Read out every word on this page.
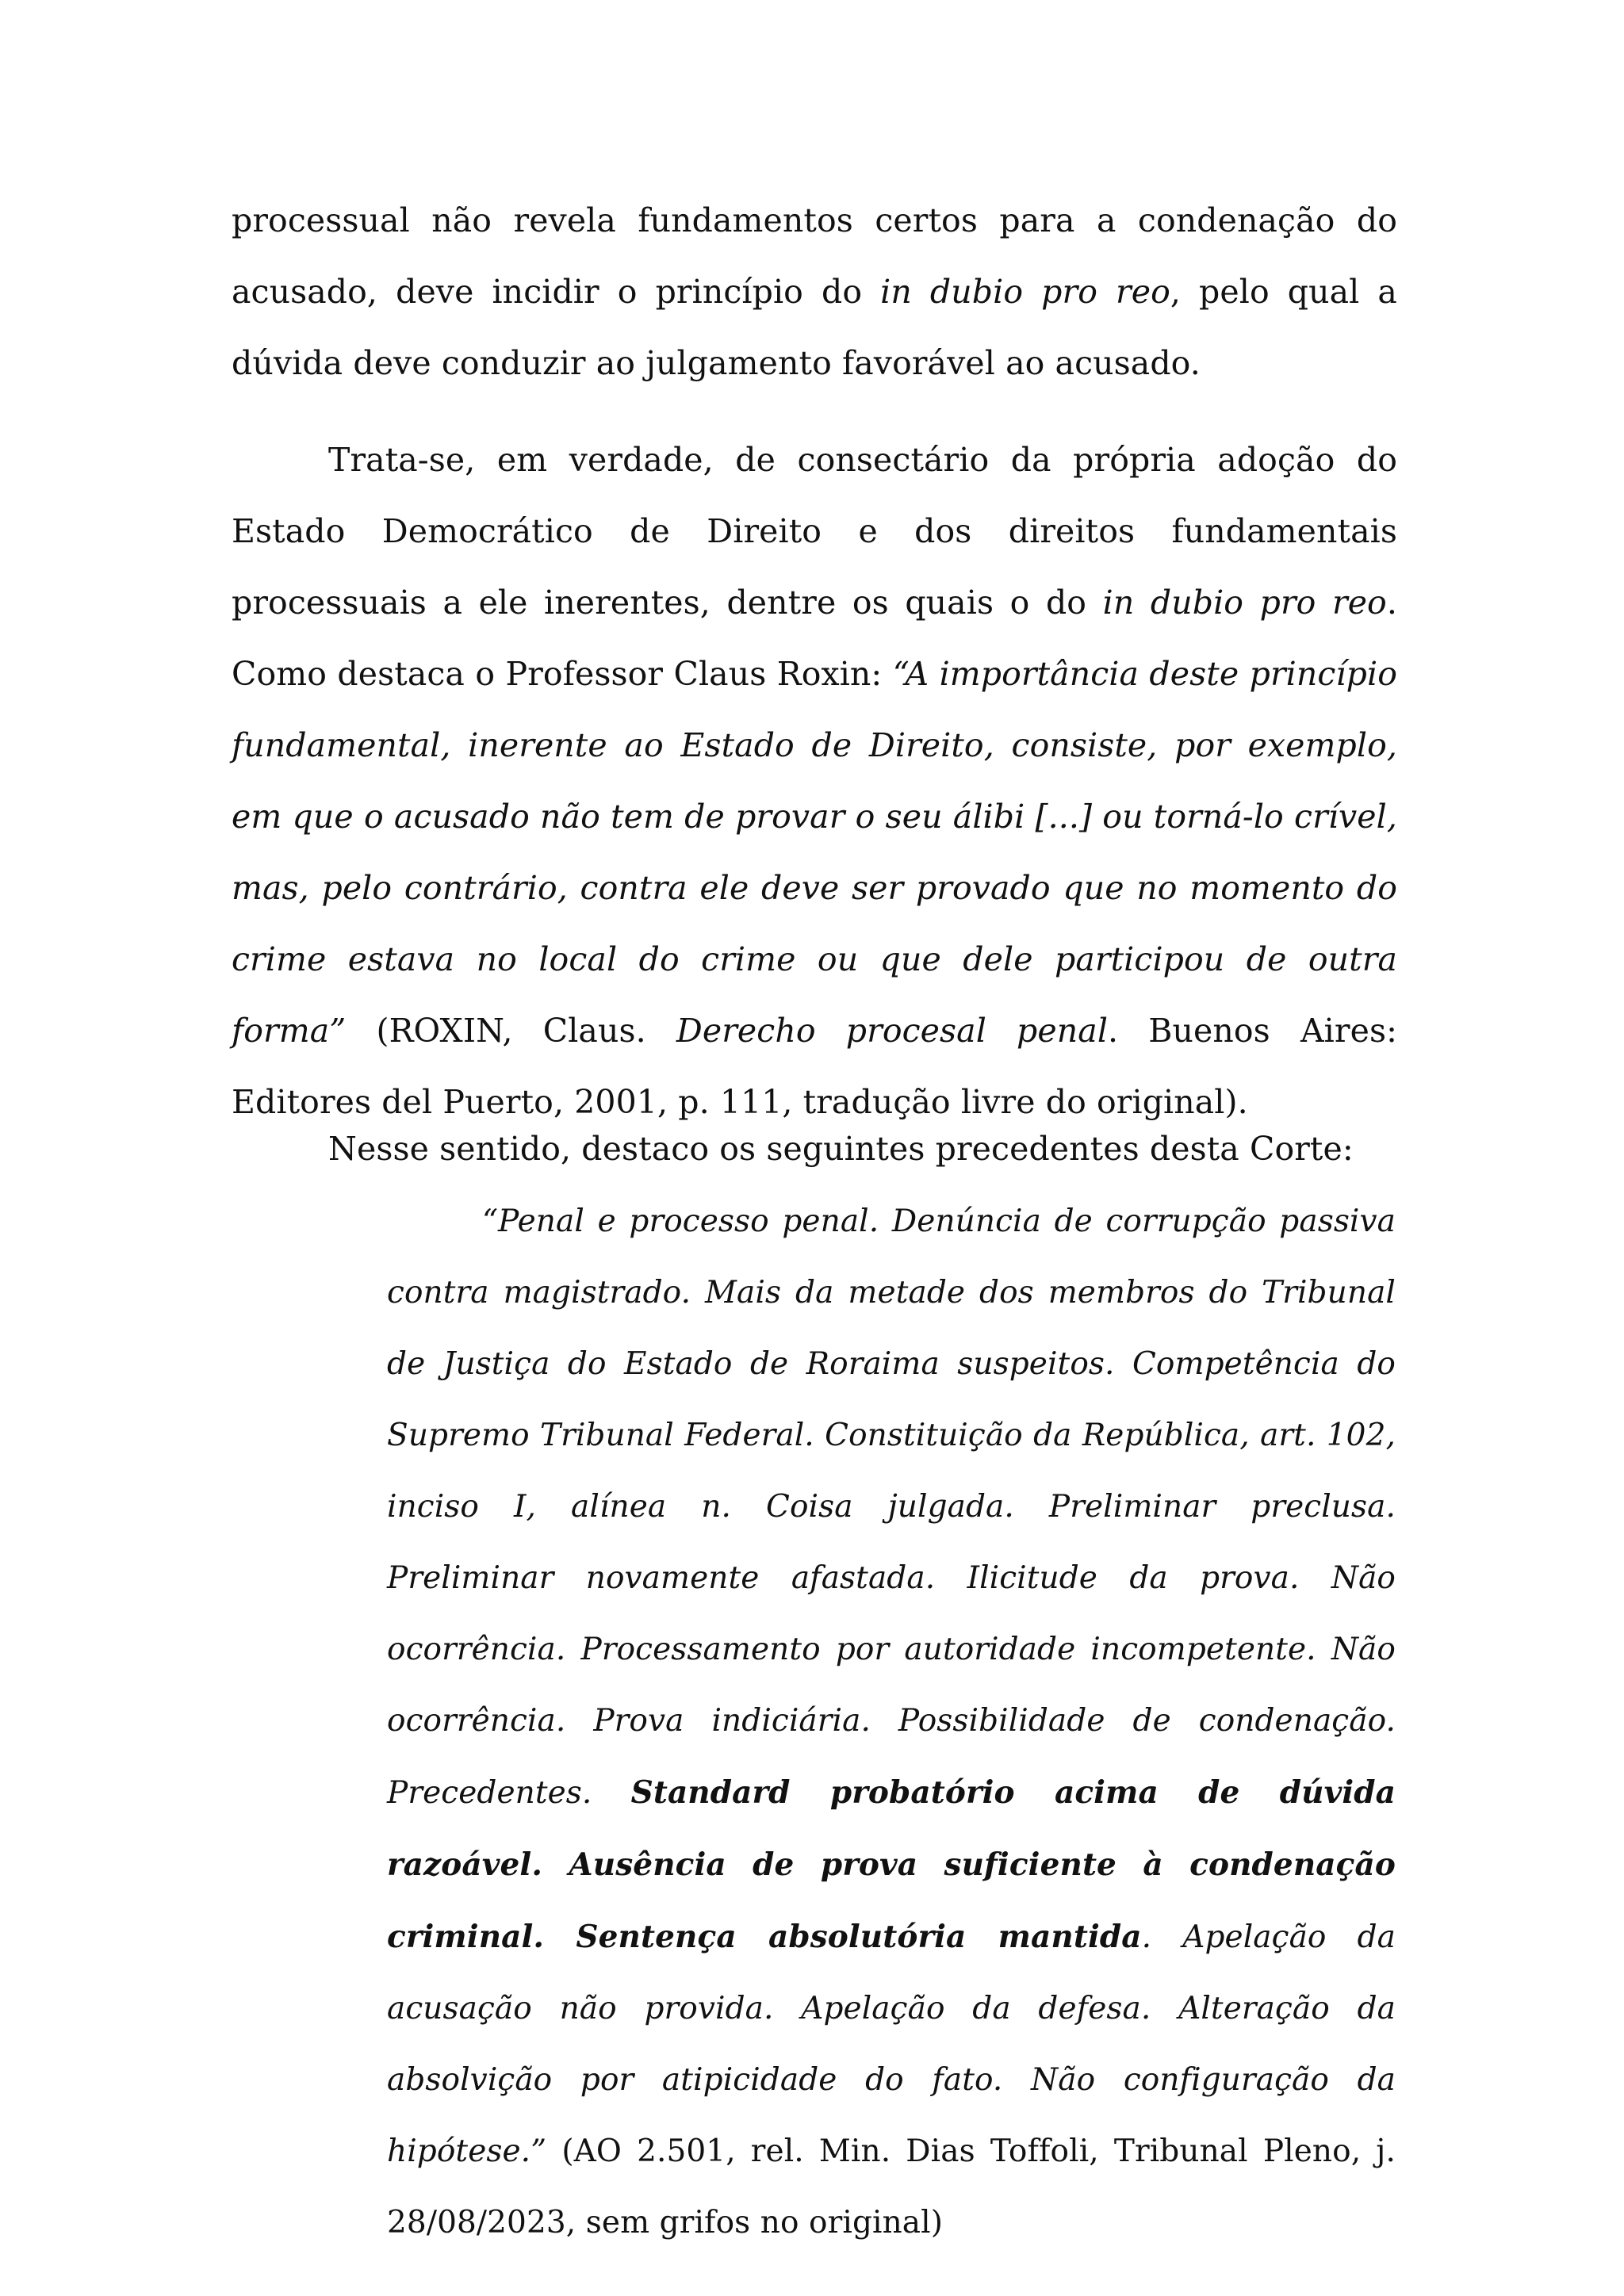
processual não revela fundamentos certos para a condenação do acusado, deve incidir o princípio do in dubio pro reo, pelo qual a dúvida deve conduzir ao julgamento favorável ao acusado.

Trata-se, em verdade, de consectário da própria adoção do Estado Democrático de Direito e dos direitos fundamentais processuais a ele inerentes, dentre os quais o do in dubio pro reo. Como destaca o Professor Claus Roxin: “A importância deste princípio fundamental, inerente ao Estado de Direito, consiste, por exemplo, em que o acusado não tem de provar o seu álibi [...] ou torná-lo crível, mas, pelo contrário, contra ele deve ser provado que no momento do crime estava no local do crime ou que dele participou de outra forma” (ROXIN, Claus. Derecho procesal penal. Buenos Aires: Editores del Puerto, 2001, p. 111, tradução livre do original).

Nesse sentido, destaco os seguintes precedentes desta Corte:

“Penal e processo penal. Denúncia de corrupção passiva contra magistrado. Mais da metade dos membros do Tribunal de Justiça do Estado de Roraima suspeitos. Competência do Supremo Tribunal Federal. Constituição da República, art. 102, inciso I, alínea n. Coisa julgada. Preliminar preclusa. Preliminar novamente afastada. Ilicitude da prova. Não ocorrência. Processamento por autoridade incompetente. Não ocorrência. Prova indiciária. Possibilidade de condenação. Precedentes. Standard probatório acima de dúvida razoável. Ausência de prova suficiente à condenação criminal. Sentença absolutória mantida. Apelação da acusação não provida. Apelação da defesa. Alteração da absolvição por atipicidade do fato. Não configuração da hipótese.” (AO 2.501, rel. Min. Dias Toffoli, Tribunal Pleno, j. 28/08/2023, sem grifos no original)
